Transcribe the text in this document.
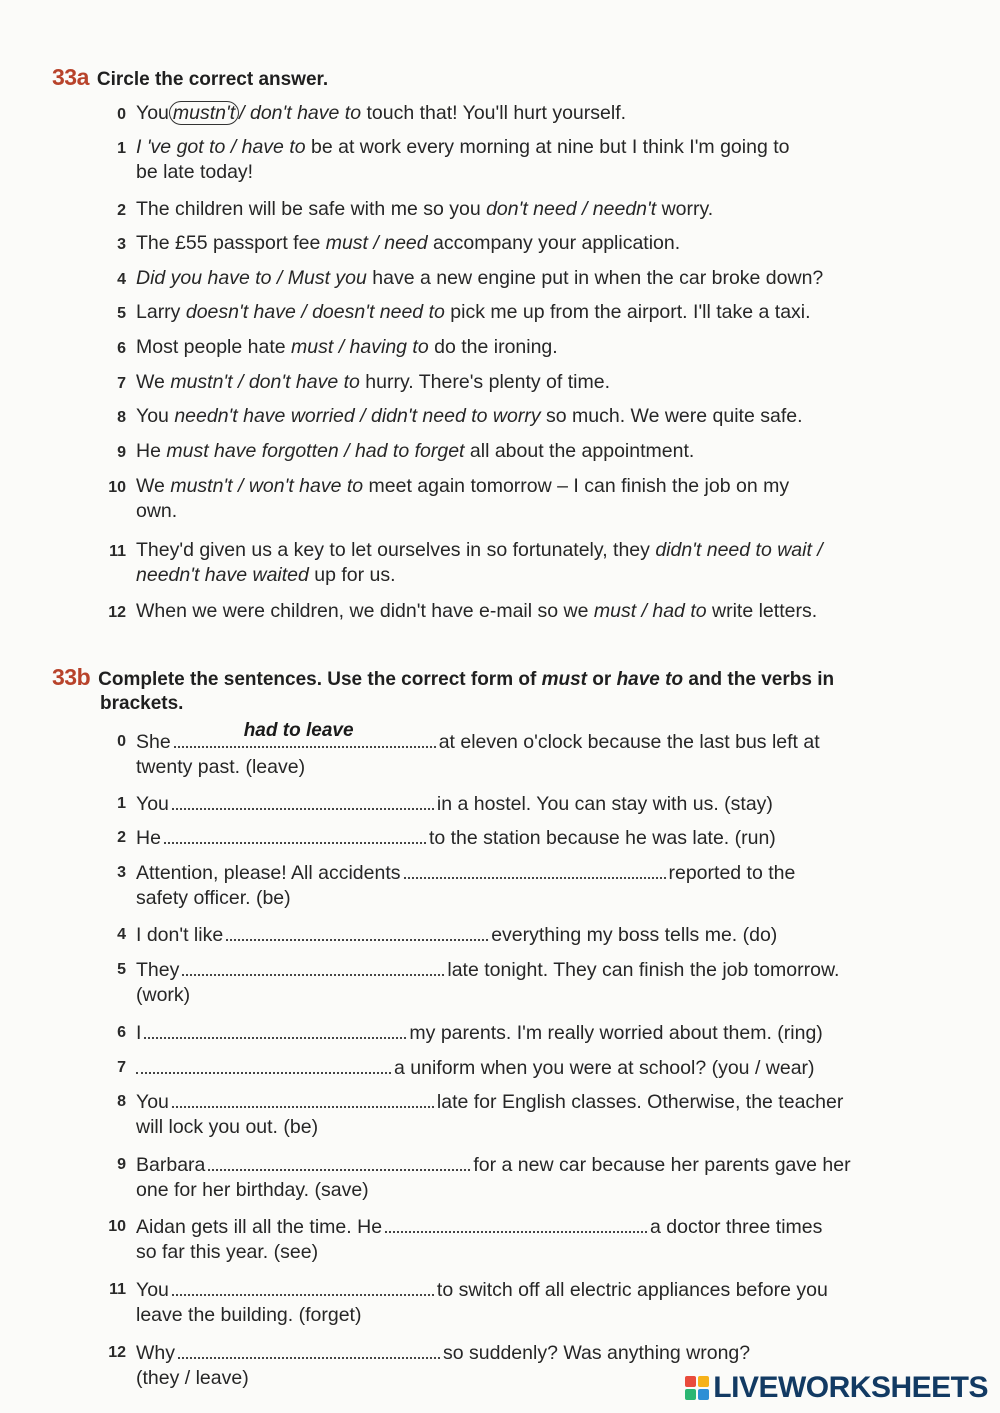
33a Circle the correct answer.
0 You mustn't / don't have to touch that! You'll hurt yourself.
1 I 've got to / have to be at work every morning at nine but I think I'm going to
be late today!
2 The children will be safe with me so you don't need / needn't worry.
3 The £55 passport fee must / need accompany your application.
4 Did you have to / Must you have a new engine put in when the car broke down?
5 Larry doesn't have / doesn't need to pick me up from the airport. I'll take a taxi.
6 Most people hate must / having to do the ironing.
7 We mustn't / don't have to hurry. There's plenty of time.
8 You needn't have worried / didn't need to worry so much. We were quite safe.
9 He must have forgotten / had to forget all about the appointment.
10 We mustn't / won't have to meet again tomorrow – I can finish the job on my
own.
11 They'd given us a key to let ourselves in so fortunately, they didn't need to wait /
needn't have waited up for us.
12 When we were children, we didn't have e-mail so we must / had to write letters.
33b Complete the sentences. Use the correct form of must or have to and the verbs in
brackets.
0 She
had to leave
at eleven o'clock because the last bus left at
twenty past. (leave)
1 You	in a hostel. You can stay with us. (stay)
2 He	to the station because he was late. (run)
3 Attention, please! All accidents	reported to the
safety officer. (be)
4 I don't like	everything my boss tells me. (do)
5 They	late tonight. They can finish the job tomorrow.
(work)
6 I	my parents. I'm really worried about them. (ring)
7	a uniform when you were at school? (you / wear)
8 You	late for English classes. Otherwise, the teacher
will lock you out. (be)
9 Barbara	for a new car because her parents gave her
one for her birthday. (save)
10 Aidan gets ill all the time. He	a doctor three times
so far this year. (see)
11 You	to switch off all electric appliances before you
leave the building. (forget)
12 Why	so suddenly? Was anything wrong?
(they / leave)	LIVEWORKSHEETS
